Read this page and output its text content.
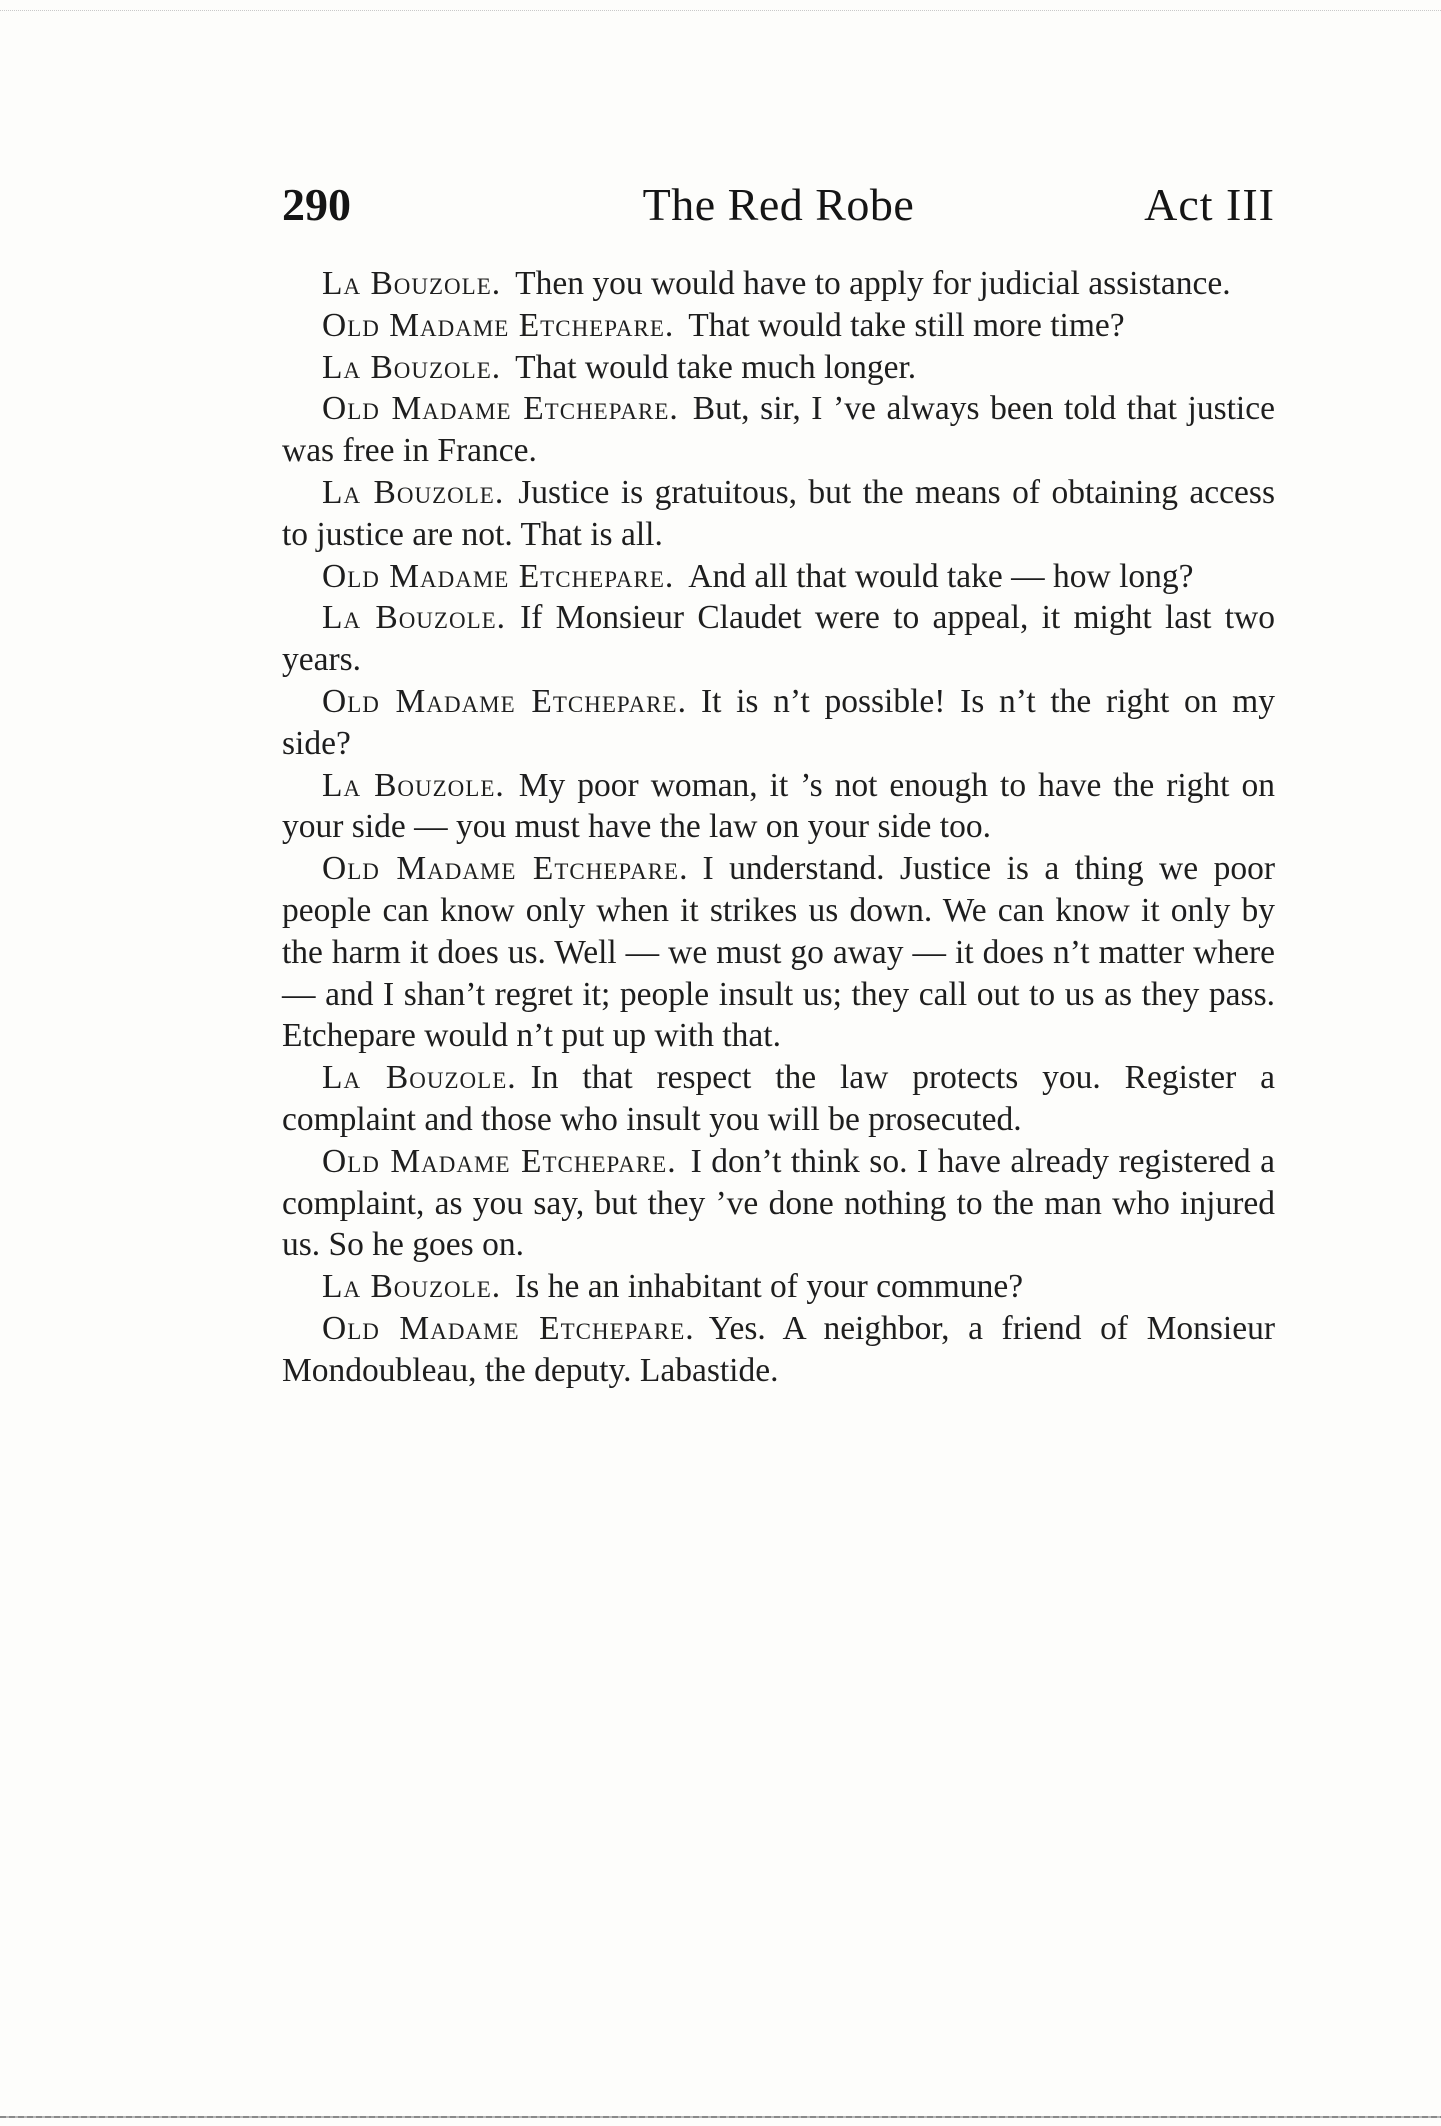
290	The Red Robe	Act III

La Bouzole. Then you would have to apply for judicial assistance.

Old Madame Etchepare. That would take still more time?

La Bouzole. That would take much longer.

Old Madame Etchepare. But, sir, I ’ve always been told that justice was free in France.

La Bouzole. Justice is gratuitous, but the means of obtaining access to justice are not. That is all.

Old Madame Etchepare. And all that would take — how long?

La Bouzole. If Monsieur Claudet were to appeal, it might last two years.

Old Madame Etchepare. It is n’t possible! Is n’t the right on my side?

La Bouzole. My poor woman, it ’s not enough to have the right on your side — you must have the law on your side too.

Old Madame Etchepare. I understand. Justice is a thing we poor people can know only when it strikes us down. We can know it only by the harm it does us. Well — we must go away — it does n’t matter where — and I shan’t regret it; people insult us; they call out to us as they pass. Etchepare would n’t put up with that.

La Bouzole. In that respect the law protects you. Register a complaint and those who insult you will be prosecuted.

Old Madame Etchepare. I don’t think so. I have already registered a complaint, as you say, but they ’ve done nothing to the man who injured us. So he goes on.

La Bouzole. Is he an inhabitant of your commune?

Old Madame Etchepare. Yes. A neighbor, a friend of Monsieur Mondoubleau, the deputy. Labastide.
